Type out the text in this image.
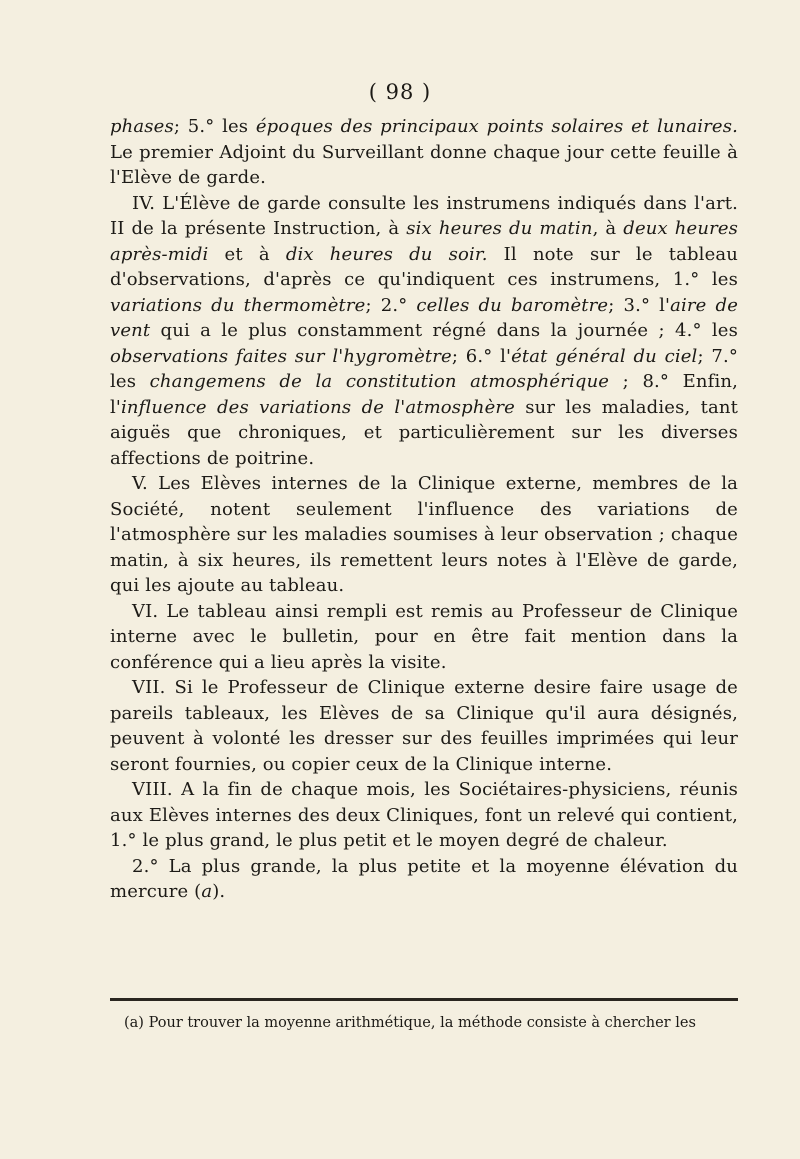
( 98 )

phases; 5.° les époques des principaux points solaires et lunaires. Le premier Adjoint du Surveillant donne chaque jour cette feuille à l'Elève de garde.

IV. L'Élève de garde consulte les instrumens indiqués dans l'art. II de la présente Instruction, à six heures du matin, à deux heures après-midi et à dix heures du soir. Il note sur le tableau d'observations, d'après ce qu'indiquent ces instrumens, 1.° les variations du thermomètre; 2.° celles du baromètre; 3.° l'aire de vent qui a le plus constamment régné dans la journée ; 4.° les observations faites sur l'hygromètre; 6.° l'état général du ciel; 7.° les changemens de la constitution atmosphérique ; 8.° Enfin, l'influence des variations de l'atmosphère sur les maladies, tant aiguës que chroniques, et particulièrement sur les diverses affections de poitrine.

V. Les Elèves internes de la Clinique externe, membres de la Société, notent seulement l'influence des variations de l'atmosphère sur les maladies soumises à leur observation ; chaque matin, à six heures, ils remettent leurs notes à l'Elève de garde, qui les ajoute au tableau.

VI. Le tableau ainsi rempli est remis au Professeur de Clinique interne avec le bulletin, pour en être fait mention dans la conférence qui a lieu après la visite.

VII. Si le Professeur de Clinique externe desire faire usage de pareils tableaux, les Elèves de sa Clinique qu'il aura désignés, peuvent à volonté les dresser sur des feuilles imprimées qui leur seront fournies, ou copier ceux de la Clinique interne.

VIII. A la fin de chaque mois, les Sociétaires-physiciens, réunis aux Elèves internes des deux Cliniques, font un relevé qui contient, 1.° le plus grand, le plus petit et le moyen degré de chaleur.

2.° La plus grande, la plus petite et la moyenne élévation du mercure (a).

(a) Pour trouver la moyenne arithmétique, la méthode consiste à chercher les
